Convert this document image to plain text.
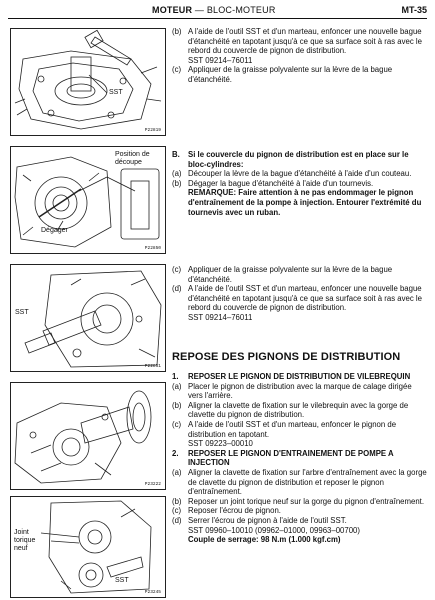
MOTEUR — BLOC-MOTEUR	MT-35
SST
P22819
Position de découpe
Dégager
P22850
SST
P22851
P23222
Joint torique neuf
SST
P23245
(b) A l'aide de l'outil SST et d'un marteau, enfoncer une nouvelle bague d'étanchéité en tapotant jusqu'à ce que sa surface soit à ras avec le rebord du couvercle de pignon de distribution.
SST 09214–76011
(c) Appliquer de la graisse polyvalente sur la lèvre de la bague d'étanchéité.
B. Si le couvercle du pignon de distribution est en place sur le bloc-cylindres:
(a) Découper la lèvre de la bague d'étanchéité à l'aide d'un couteau.
(b) Dégager la bague d'étanchéité à l'aide d'un tournevis.
REMARQUE: Faire attention à ne pas endommager le pignon d'entraînement de la pompe à injection. Entourer l'extrémité du tournevis avec un ruban.
(c) Appliquer de la graisse polyvalente sur la lèvre de la bague d'étanchéité.
(d) A l'aide de l'outil SST et d'un marteau, enfoncer une nouvelle bague d'étanchéité en tapotant jusqu'à ce que sa surface soit à ras avec le rebord du couvercle de pignon de distribution.
SST 09214–76011
REPOSE DES PIGNONS DE DISTRIBUTION
1. REPOSER LE PIGNON DE DISTRIBUTION DE VILEBREQUIN
(a) Placer le pignon de distribution avec la marque de calage dirigée vers l'arrière.
(b) Aligner la clavette de fixation sur le vilebrequin avec la gorge de clavette du pignon de distribution.
(c) A l'aide de l'outil SST et d'un marteau, enfoncer le pignon de distribution en tapotant.
SST 09223–00010
2. REPOSER LE PIGNON D'ENTRAINEMENT DE POMPE A INJECTION
(a) Aligner la clavette de fixation sur l'arbre d'entraînement avec la gorge de clavette du pignon de distribution et reposer le pignon d'entraînement.
(b) Reposer un joint torique neuf sur la gorge du pignon d'entraînement.
(c) Reposer l'écrou de pignon.
(d) Serrer l'écrou de pignon à l'aide de l'outil SST.
SST 09960–10010 (09962–01000, 09963–00700)
Couple de serrage: 98 N.m (1.000 kgf.cm)
